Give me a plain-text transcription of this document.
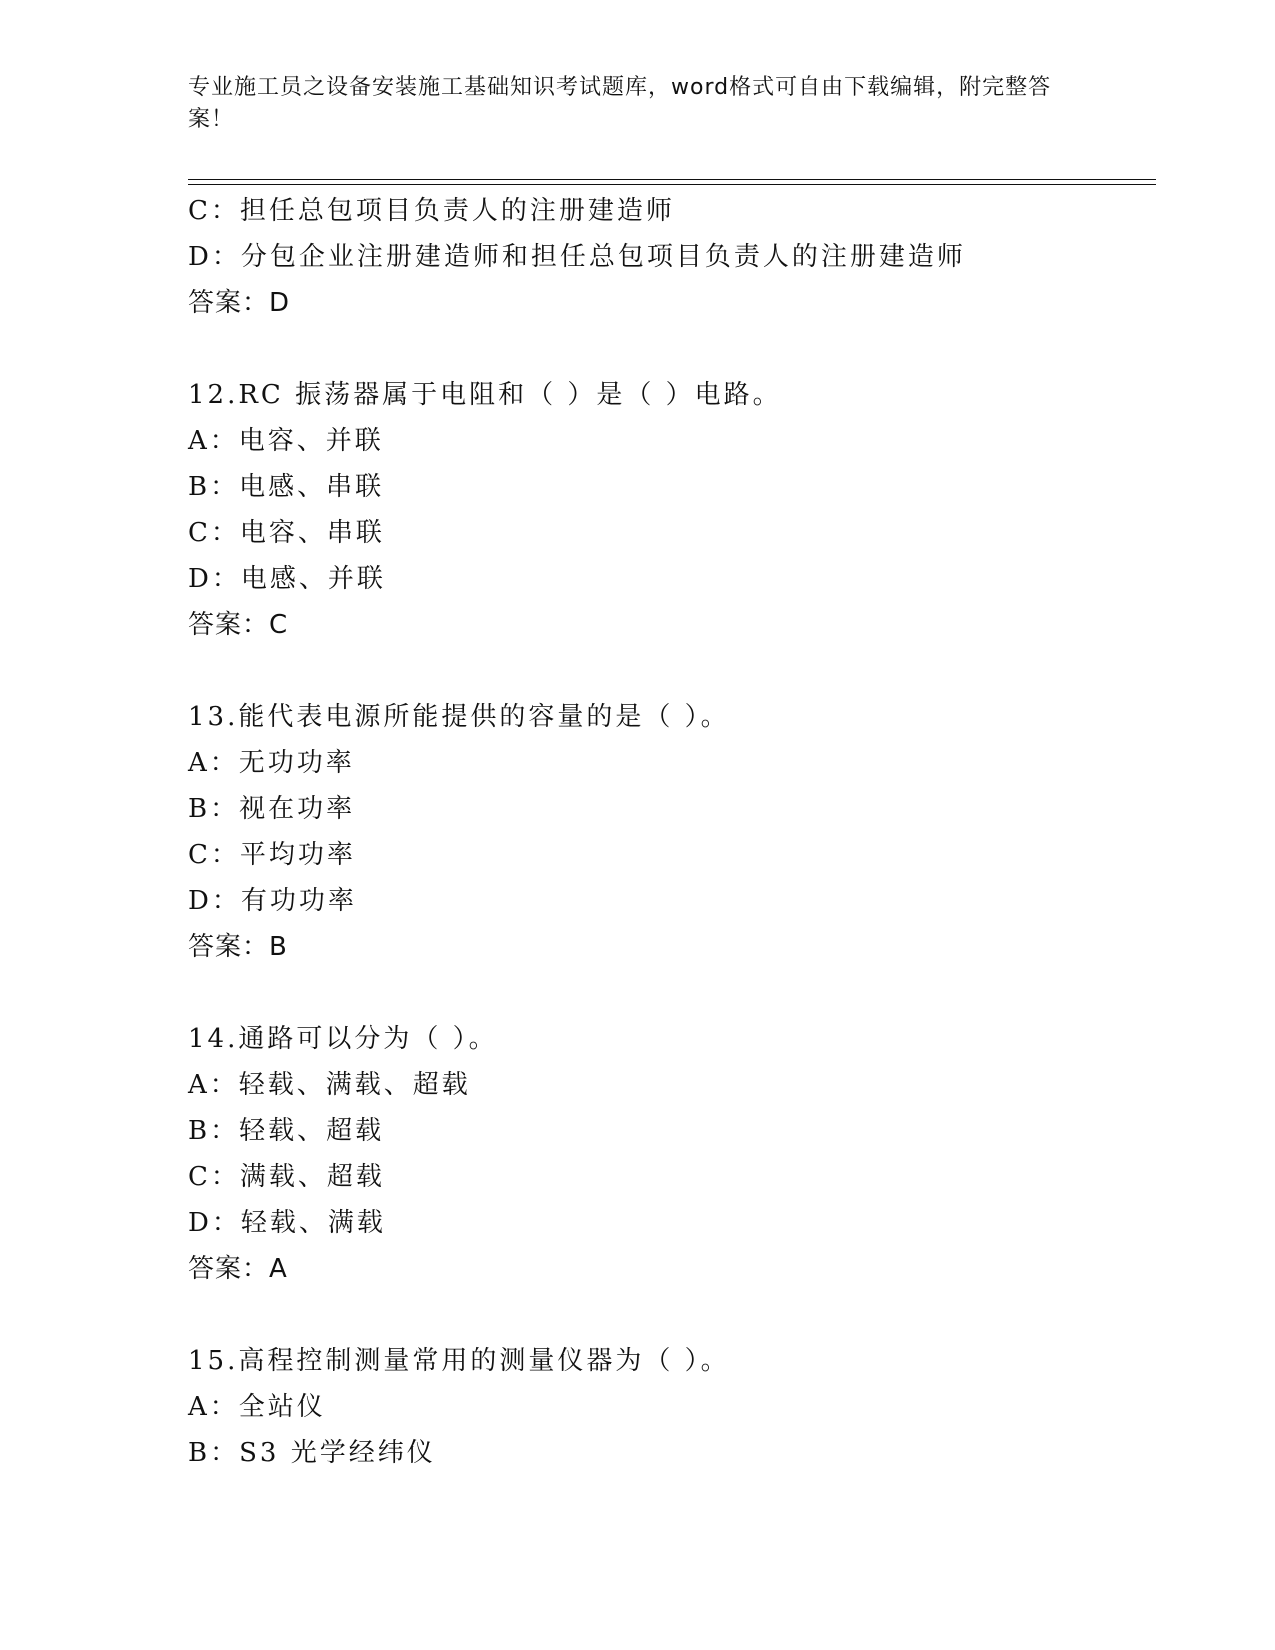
专业施工员之设备安装施工基础知识考试题库，word格式可自由下载编辑，附完整答案！
C：担任总包项目负责人的注册建造师
D：分包企业注册建造师和担任总包项目负责人的注册建造师
答案：D
12.RC 振荡器属于电阻和（ ）是（ ）电路。
A：电容、并联
B：电感、串联
C：电容、串联
D：电感、并联
答案：C
13.能代表电源所能提供的容量的是（ ）。
A：无功功率
B：视在功率
C：平均功率
D：有功功率
答案：B
14.通路可以分为（ ）。
A：轻载、满载、超载
B：轻载、超载
C：满载、超载
D：轻载、满载
答案：A
15.高程控制测量常用的测量仪器为（ ）。
A：全站仪
B：S3 光学经纬仪
